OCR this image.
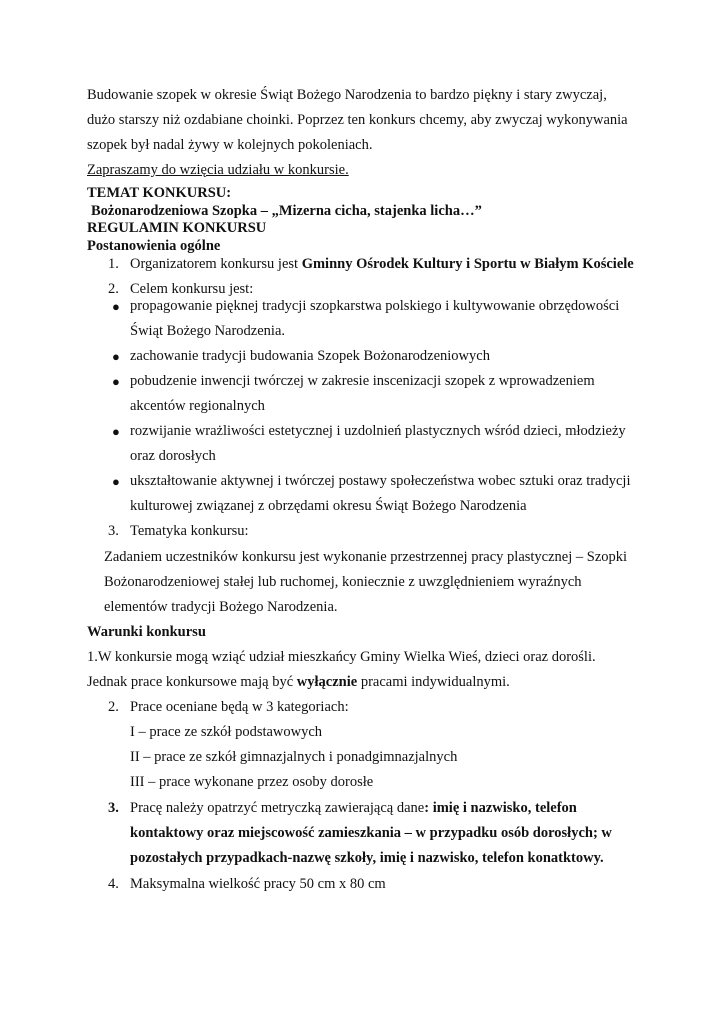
Budowanie szopek w okresie Świąt Bożego Narodzenia to bardzo piękny i stary zwyczaj,
dużo starszy niż ozdabiane choinki. Poprzez ten konkurs chcemy, aby zwyczaj wykonywania
szopek był nadal żywy w kolejnych pokoleniach.
Zapraszamy do wzięcia udziału w konkursie.
TEMAT KONKURSU:
Bożonarodzeniowa Szopka – „Mizerna cicha, stajenka licha…”
REGULAMIN KONKURSU
Postanowienia ogólne
1. Organizatorem konkursu jest Gminny Ośrodek Kultury i Sportu w Białym Kościele
2. Celem konkursu jest:
● propagowanie pięknej tradycji szopkarstwa polskiego i kultywowanie obrzędowości
Świąt Bożego Narodzenia.
● zachowanie tradycji budowania Szopek Bożonarodzeniowych
● pobudzenie inwencji twórczej w zakresie inscenizacji szopek z wprowadzeniem
akcentów regionalnych
● rozwijanie wrażliwości estetycznej i uzdolnień plastycznych wśród dzieci, młodzieży
oraz dorosłych
● ukształtowanie aktywnej i twórczej postawy społeczeństwa wobec sztuki oraz tradycji
kulturowej związanej z obrzędami okresu Świąt Bożego Narodzenia
3. Tematyka konkursu:
Zadaniem uczestników konkursu jest wykonanie przestrzennej pracy plastycznej – Szopki
Bożonarodzeniowej stałej lub ruchomej, koniecznie z uwzględnieniem wyraźnych
elementów tradycji Bożego Narodzenia.
Warunki konkursu
1.W konkursie mogą wziąć udział mieszkańcy Gminy Wielka Wieś, dzieci oraz dorośli.
Jednak prace konkursowe mają być wyłącznie pracami indywidualnymi.
2. Prace oceniane będą w 3 kategoriach:
I – prace ze szkół podstawowych
II – prace ze szkół gimnazjalnych i ponadgimnazjalnych
III – prace wykonane przez osoby dorosłe
3. Pracę należy opatrzyć metryczką zawierającą dane: imię i nazwisko, telefon
kontaktowy oraz miejscowość zamieszkania – w przypadku osób dorosłych; w
pozostałych przypadkach-nazwę szkoły, imię i nazwisko, telefon konatktowy.
4. Maksymalna wielkość pracy 50 cm x 80 cm
